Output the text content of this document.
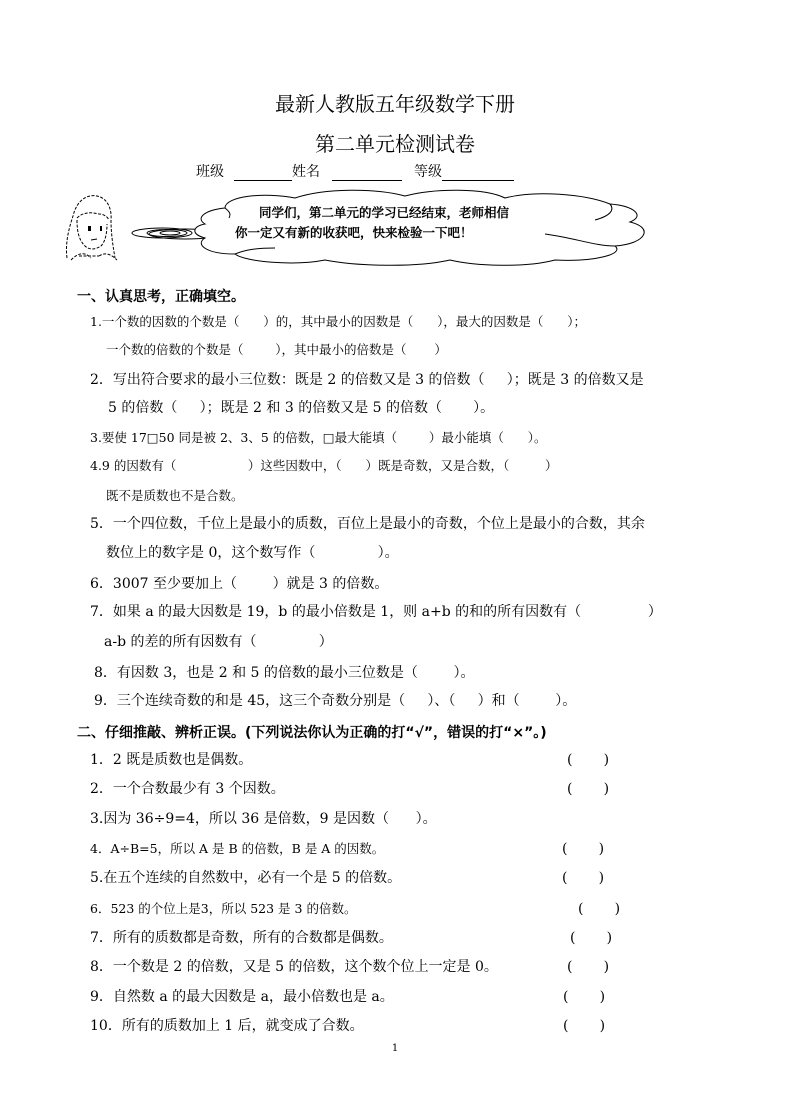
最新人教版五年级数学下册
第二单元检测试卷
班级	姓名	等级
同学们，第二单元的学习已经结束，老师相信
你一定又有新的收获吧，快来检验一下吧！
一、认真思考，正确填空。
1.一个数的因数的个数是（      ）的，其中最小的因数是（      ），最大的因数是（      ）；
一个数的倍数的个数是（        ），其中最小的倍数是（       ）
2．写出符合要求的最小三位数：既是 2 的倍数又是 3 的倍数（     ）；既是 3 的倍数又是
5 的倍数（     ）；既是 2 和 3 的倍数又是 5 的倍数（       ）。
3.要使 17□50 同是被 2、3、5 的倍数，□最大能填（        ）最小能填（      ）。
4.9 的因数有（                  ）这些因数中，（      ）既是奇数，又是合数，（         ）
既不是质数也不是合数。
5．一个四位数，千位上是最小的质数，百位上是最小的奇数，个位上是最小的合数，其余
数位上的数字是 0，这个数写作（              ）。
6．3007 至少要加上（        ）就是 3 的倍数。
7．如果 a 的最大因数是 19，b 的最小倍数是 1，则 a+b 的和的所有因数有（               ）
a-b 的差的所有因数有（              ）
8．有因数 3，也是 2 和 5 的倍数的最小三位数是（        ）。
9．三个连续奇数的和是 45，这三个奇数分别是（     ）、（     ）和（        ）。
二、仔细推敲、辨析正误。(下列说法你认为正确的打“√”，错误的打“×”。)
1．2 既是质数也是偶数。	(       )
2．一个合数最少有 3 个因数。	(       )
3.因为 36÷9=4，所以 36 是倍数，9 是因数（      ）。
4．A÷B=5，所以 A 是 B 的倍数，B 是 A 的因数。	(       )
5.在五个连续的自然数中，必有一个是 5 的倍数。	(       )
6．523 的个位上是3，所以 523 是 3 的倍数。	(       )
7．所有的质数都是奇数，所有的合数都是偶数。	(       )
8．一个数是 2 的倍数，又是 5 的倍数，这个数个位上一定是 0。	(       )
9．自然数 a 的最大因数是 a，最小倍数也是 a。	(       )
10．所有的质数加上 1 后，就变成了合数。	(       )
1
